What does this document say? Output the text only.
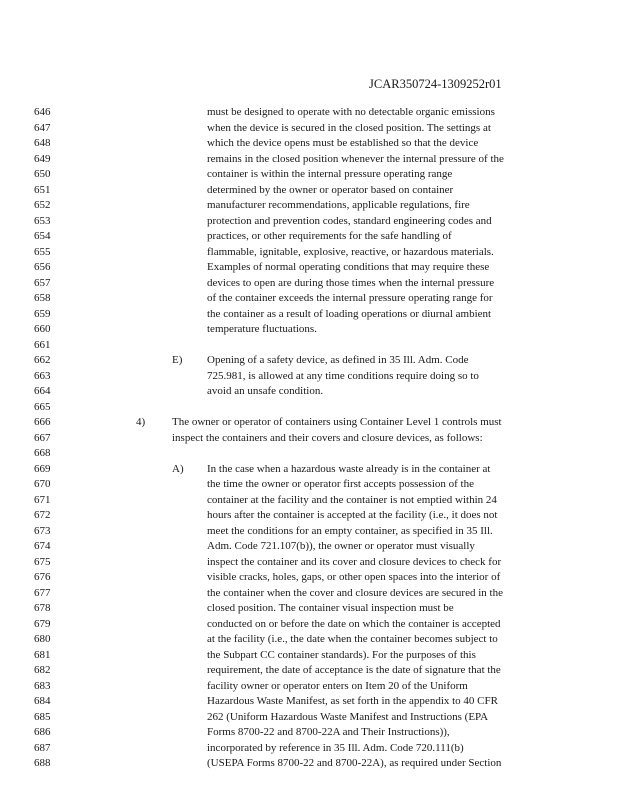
JCAR350724-1309252r01
646	must be designed to operate with no detectable organic emissions
647	when the device is secured in the closed position. The settings at
648	which the device opens must be established so that the device
649	remains in the closed position whenever the internal pressure of the
650	container is within the internal pressure operating range
651	determined by the owner or operator based on container
652	manufacturer recommendations, applicable regulations, fire
653	protection and prevention codes, standard engineering codes and
654	practices, or other requirements for the safe handling of
655	flammable, ignitable, explosive, reactive, or hazardous materials.
656	Examples of normal operating conditions that may require these
657	devices to open are during those times when the internal pressure
658	of the container exceeds the internal pressure operating range for
659	the container as a result of loading operations or diurnal ambient
660	temperature fluctuations.
661
662	E) Opening of a safety device, as defined in 35 Ill. Adm. Code
663	725.981, is allowed at any time conditions require doing so to
664	avoid an unsafe condition.
665
666	4) The owner or operator of containers using Container Level 1 controls must
667	inspect the containers and their covers and closure devices, as follows:
668
669	A) In the case when a hazardous waste already is in the container at
670	the time the owner or operator first accepts possession of the
671	container at the facility and the container is not emptied within 24
672	hours after the container is accepted at the facility (i.e., it does not
673	meet the conditions for an empty container, as specified in 35 Ill.
674	Adm. Code 721.107(b)), the owner or operator must visually
675	inspect the container and its cover and closure devices to check for
676	visible cracks, holes, gaps, or other open spaces into the interior of
677	the container when the cover and closure devices are secured in the
678	closed position. The container visual inspection must be
679	conducted on or before the date on which the container is accepted
680	at the facility (i.e., the date when the container becomes subject to
681	the Subpart CC container standards). For the purposes of this
682	requirement, the date of acceptance is the date of signature that the
683	facility owner or operator enters on Item 20 of the Uniform
684	Hazardous Waste Manifest, as set forth in the appendix to 40 CFR
685	262 (Uniform Hazardous Waste Manifest and Instructions (EPA
686	Forms 8700-22 and 8700-22A and Their Instructions)),
687	incorporated by reference in 35 Ill. Adm. Code 720.111(b)
688	(USEPA Forms 8700-22 and 8700-22A), as required under Section
